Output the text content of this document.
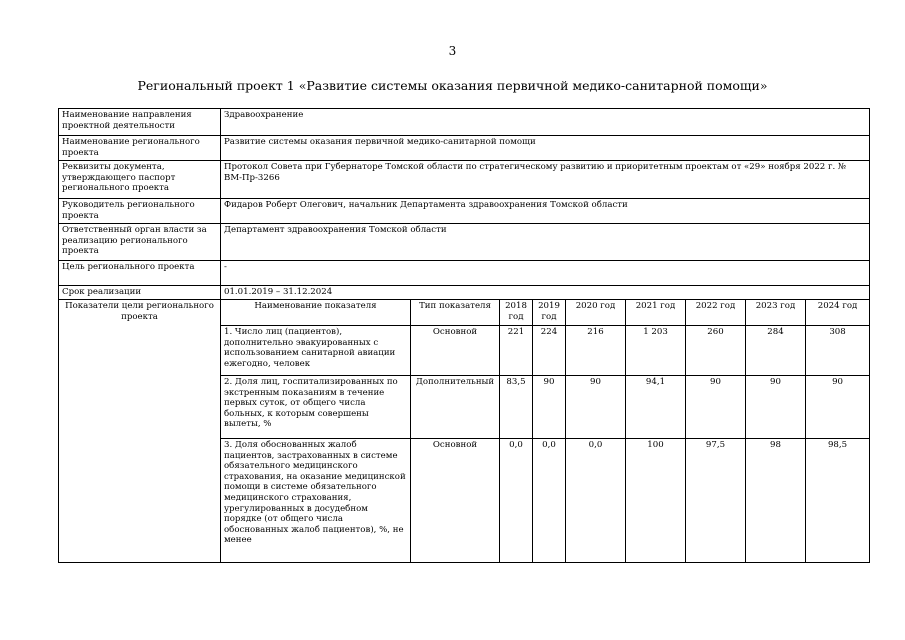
3
Региональный проект 1 «Развитие системы оказания первичной медико-санитарной помощи»
Наименование направления проектной деятельности	Здравоохранение								
Наименование регионального проекта	Развитие системы оказания первичной медико-санитарной помощи								
Реквизиты документа, утверждающего паспорт регионального проекта	Протокол Совета при Губернаторе Томской области по стратегическому развитию и приоритетным проектам от «29» ноября 2022 г. № ВМ-Пр-3266								
Руководитель регионального проекта	Фидаров Роберт Олегович, начальник Департамента здравоохранения Томской области								
Ответственный орган власти за реализацию регионального проекта	Департамент здравоохранения Томской области								
Цель регионального проекта	-								
Срок реализации	01.01.2019 – 31.12.2024								
Показатели цели регионального проекта	Наименование показателя	Тип показателя	2018 год	2019 год	2020 год	2021 год	2022 год	2023 год	2024 год
	1. Число лиц (пациентов), дополнительно эвакуированных с использованием санитарной авиации ежегодно, человек	Основной	221	224	216	1 203	260	284	308
	2. Доля лиц, госпитализированных по экстренным показаниям в течение первых суток, от общего числа больных, к которым совершены вылеты, %	Дополнительный	83,5	90	90	94,1	90	90	90
	3. Доля обоснованных жалоб пациентов, застрахованных в системе обязательного медицинского страхования, на оказание медицинской помощи в системе обязательного медицинского страхования, урегулированных в досудебном порядке (от общего числа обоснованных жалоб пациентов), %, не менее	Основной	0,0	0,0	0,0	100	97,5	98	98,5
